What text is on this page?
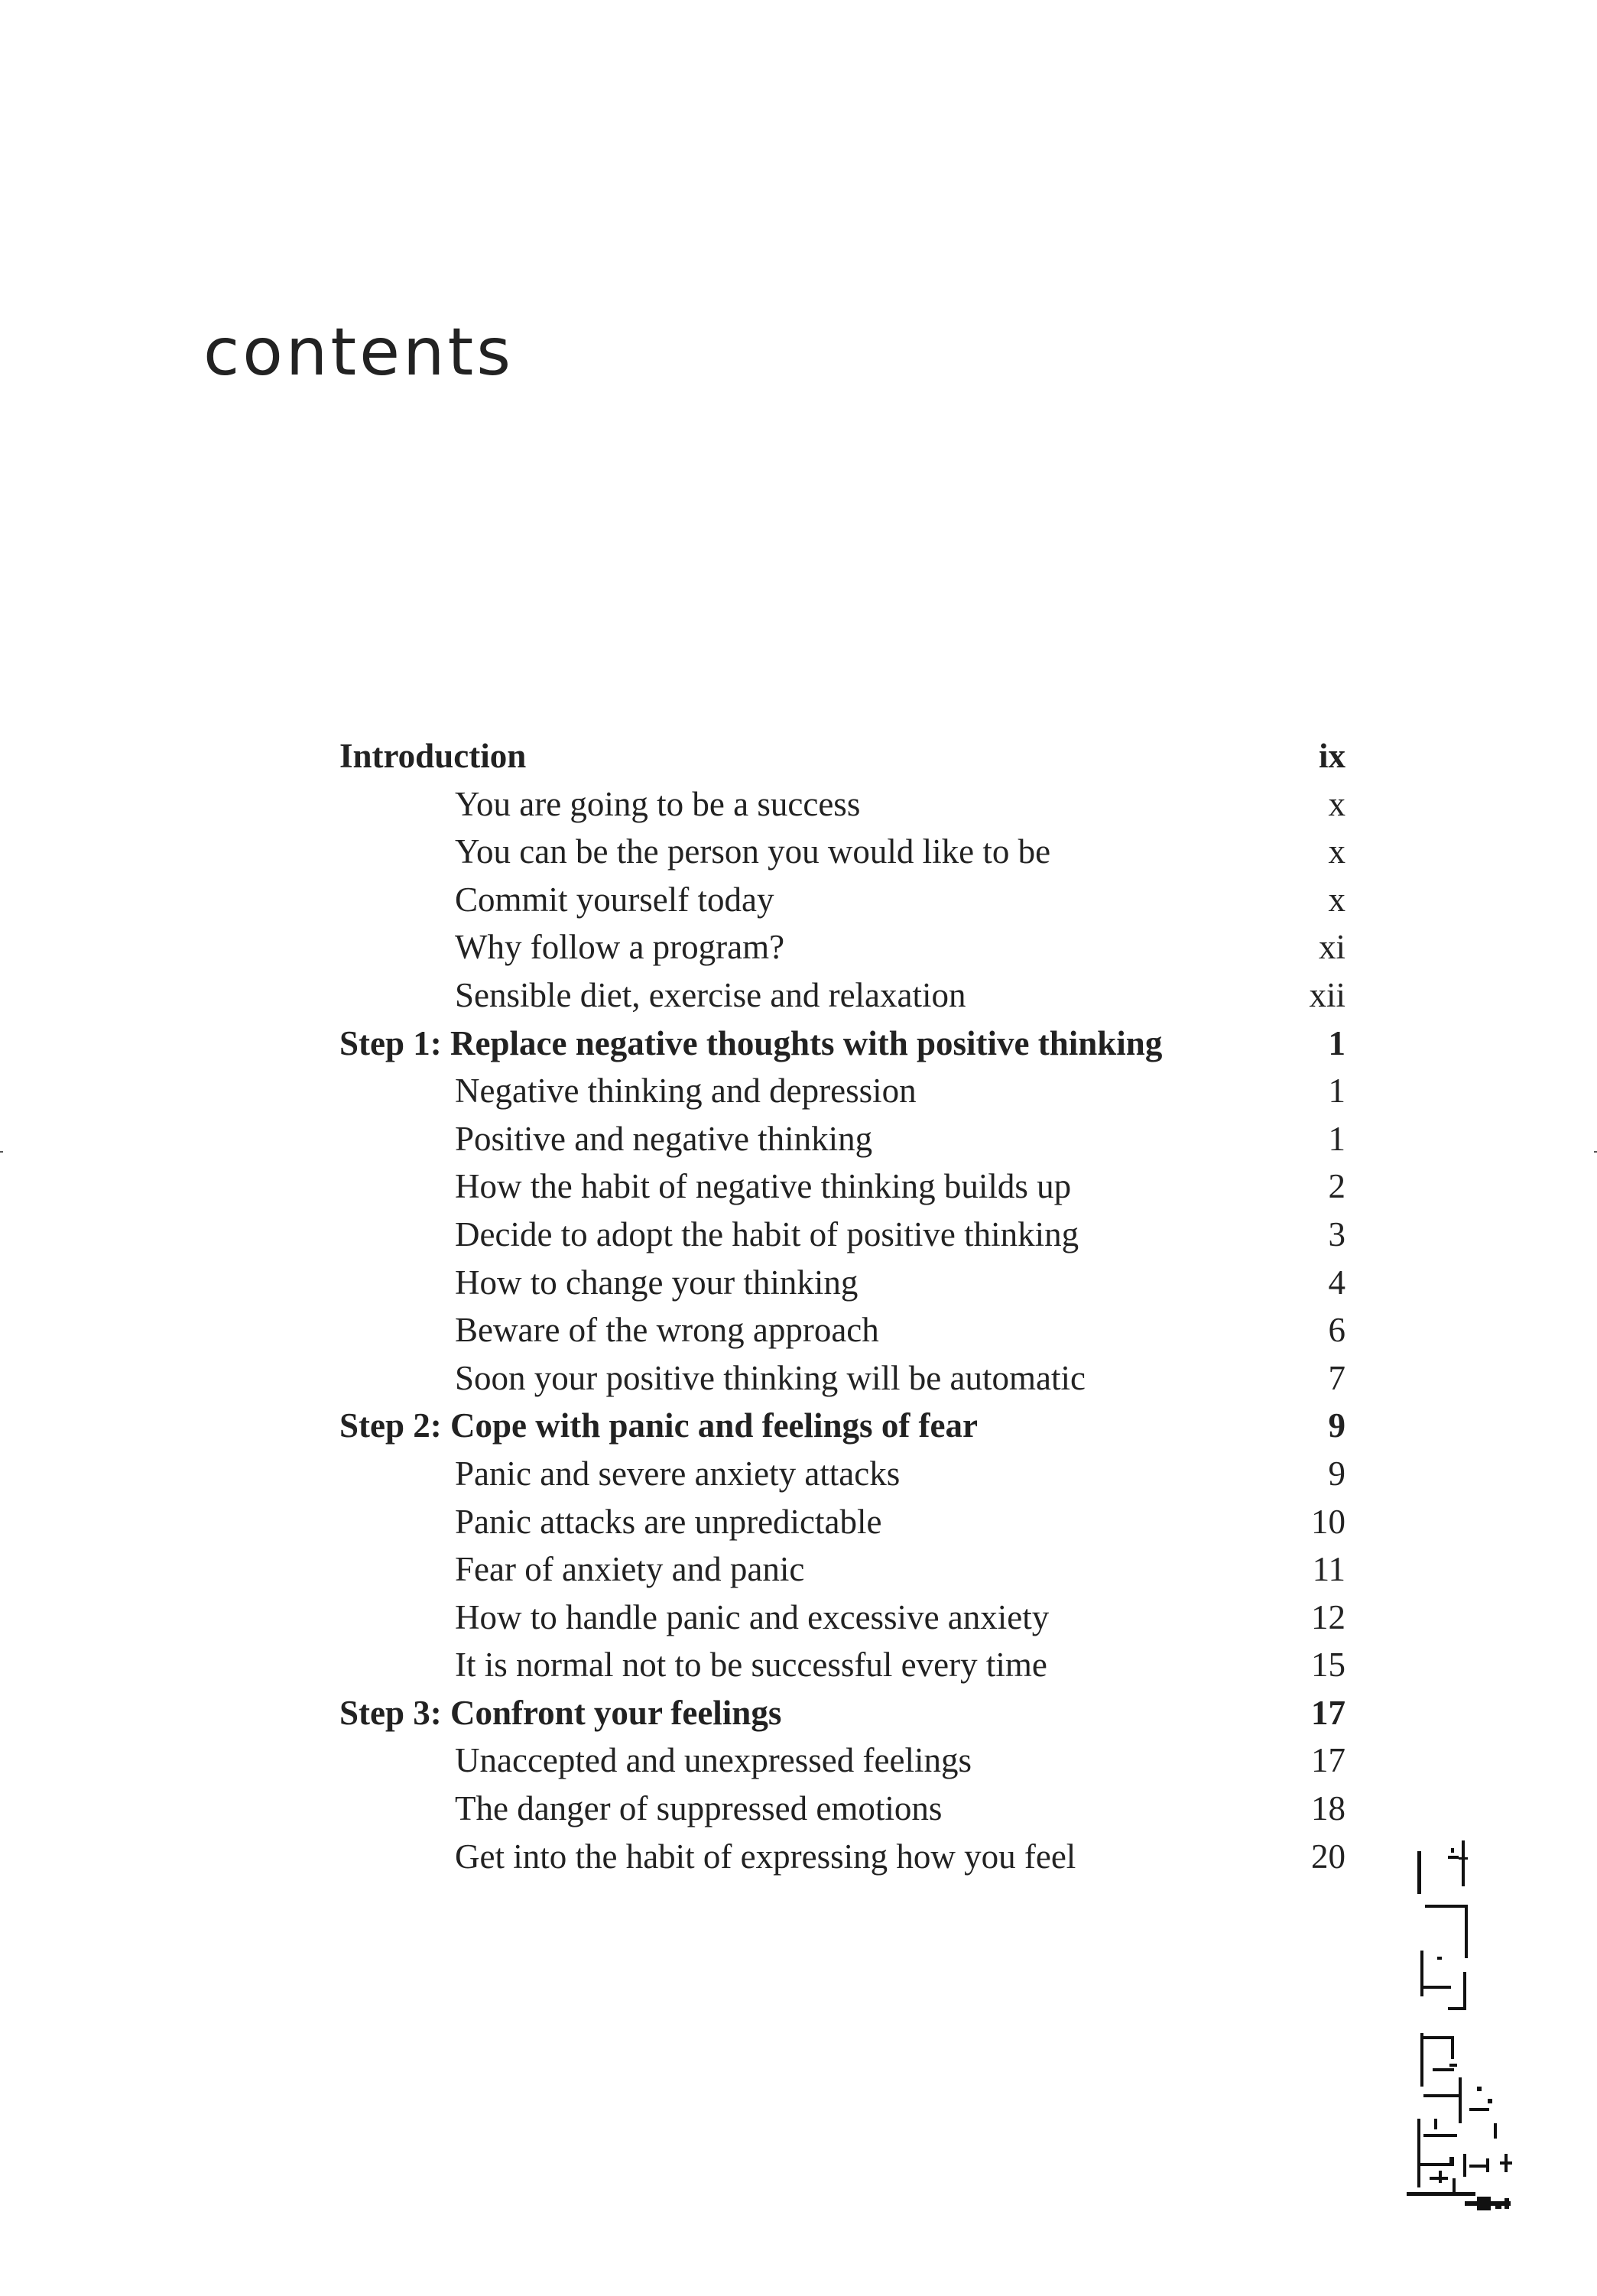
contents
Introduction	ix
You are going to be a success	x
You can be the person you would like to be	x
Commit yourself today	x
Why follow a program?	xi
Sensible diet, exercise and relaxation	xii
Step 1: Replace negative thoughts with positive thinking	1
Negative thinking and depression	1
Positive and negative thinking	1
How the habit of negative thinking builds up	2
Decide to adopt the habit of positive thinking	3
How to change your thinking	4
Beware of the wrong approach	6
Soon your positive thinking will be automatic	7
Step 2: Cope with panic and feelings of fear	9
Panic and severe anxiety attacks	9
Panic attacks are unpredictable	10
Fear of anxiety and panic	11
How to handle panic and excessive anxiety	12
It is normal not to be successful every time	15
Step 3: Confront your feelings	17
Unaccepted and unexpressed feelings	17
The danger of suppressed emotions	18
Get into the habit of expressing how you feel	20
